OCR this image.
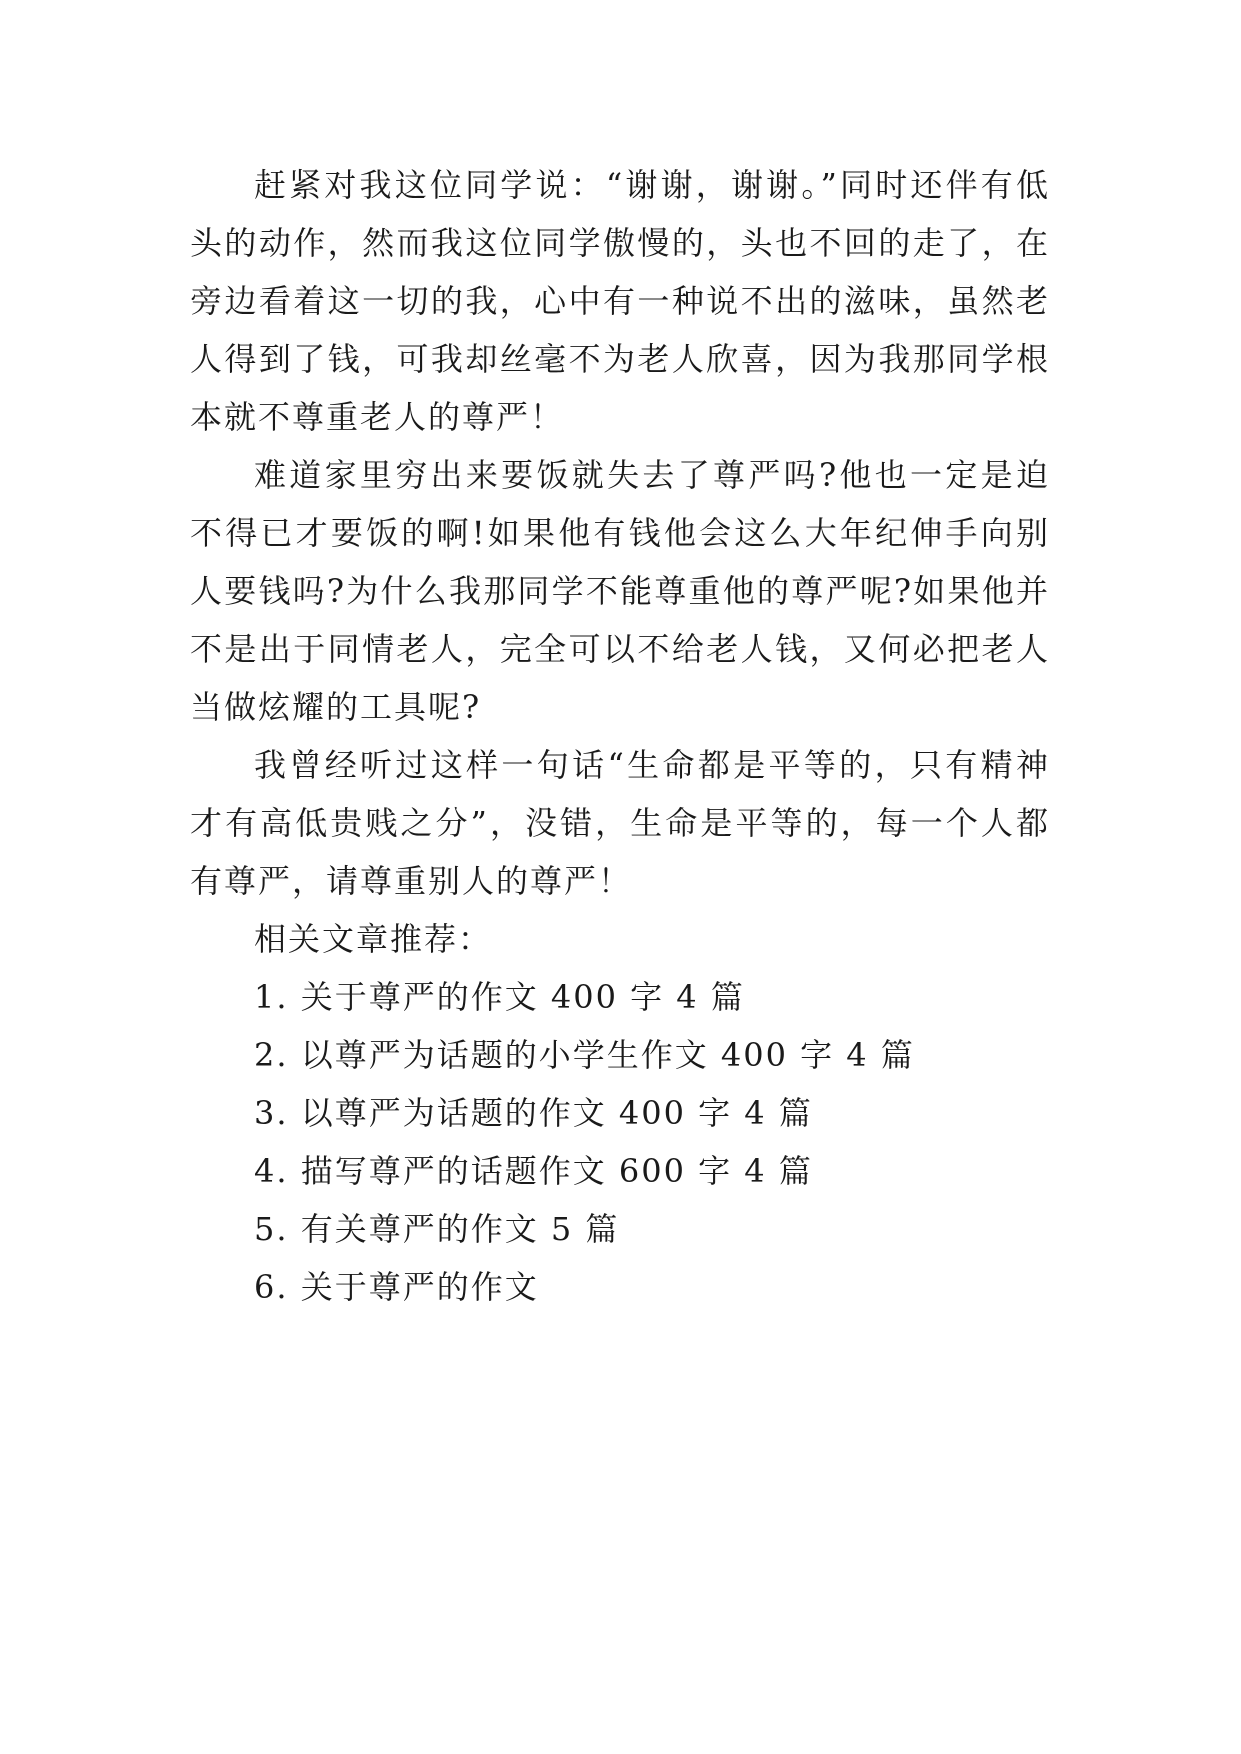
赶紧对我这位同学说：“谢谢，谢谢。”同时还伴有低头的动作，然而我这位同学傲慢的，头也不回的走了，在旁边看着这一切的我，心中有一种说不出的滋味，虽然老人得到了钱，可我却丝毫不为老人欣喜，因为我那同学根本就不尊重老人的尊严！

难道家里穷出来要饭就失去了尊严吗?他也一定是迫不得已才要饭的啊!如果他有钱他会这么大年纪伸手向别人要钱吗?为什么我那同学不能尊重他的尊严呢?如果他并不是出于同情老人，完全可以不给老人钱，又何必把老人当做炫耀的工具呢?

我曾经听过这样一句话“生命都是平等的，只有精神才有高低贵贱之分”，没错，生命是平等的，每一个人都有尊严，请尊重别人的尊严！

相关文章推荐：

1. 关于尊严的作文 400 字 4 篇
2. 以尊严为话题的小学生作文 400 字 4 篇
3. 以尊严为话题的作文 400 字 4 篇
4. 描写尊严的话题作文 600 字 4 篇
5. 有关尊严的作文 5 篇
6. 关于尊严的作文
